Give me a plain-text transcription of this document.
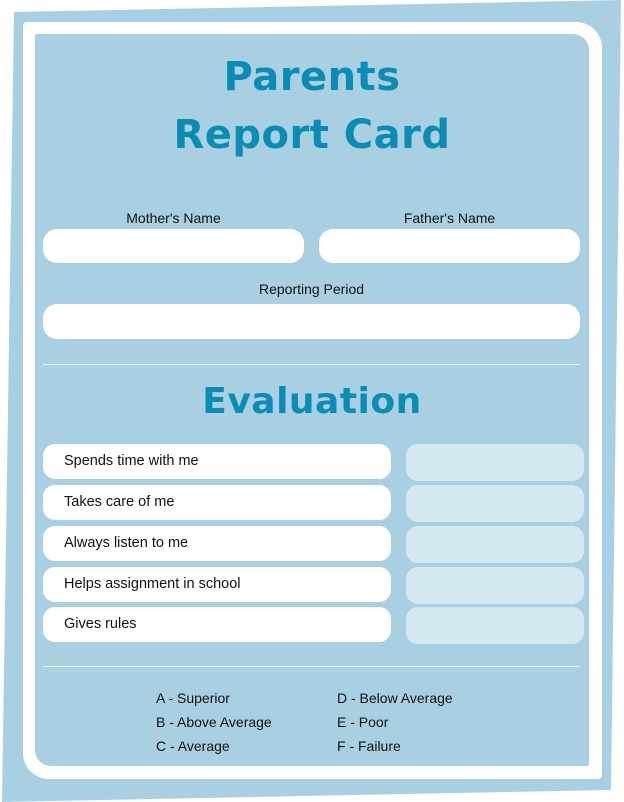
Parents
Report Card
Mother's Name	Father's Name
Reporting Period
Evaluation
Spends time with me
Takes care of me
Always listen to me
Helps assignment in school
Gives rules
A - Superior
B - Above Average
C - Average
D - Below Average
E - Poor
F - Failure
